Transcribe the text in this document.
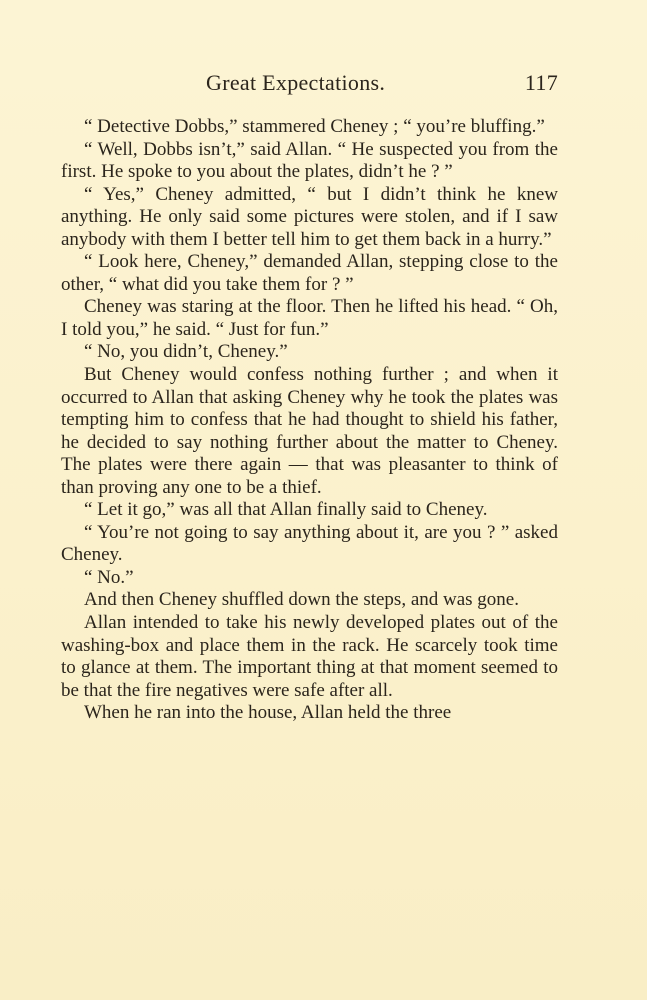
Great Expectations.	117

“ Detective Dobbs,” stammered Cheney ; “ you’re bluffing.”

“ Well, Dobbs isn’t,” said Allan. “ He suspected you from the first. He spoke to you about the plates, didn’t he ? ”

“ Yes,” Cheney admitted, “ but I didn’t think he knew anything. He only said some pictures were stolen, and if I saw anybody with them I better tell him to get them back in a hurry.”

“ Look here, Cheney,” demanded Allan, stepping close to the other, “ what did you take them for ? ”

Cheney was staring at the floor. Then he lifted his head. “ Oh, I told you,” he said. “ Just for fun.”

“ No, you didn’t, Cheney.”

But Cheney would confess nothing further ; and when it occurred to Allan that asking Cheney why he took the plates was tempting him to confess that he had thought to shield his father, he decided to say nothing further about the matter to Cheney. The plates were there again — that was pleasanter to think of than proving any one to be a thief.

“ Let it go,” was all that Allan finally said to Cheney.

“ You’re not going to say anything about it, are you ? ” asked Cheney.

“ No.”

And then Cheney shuffled down the steps, and was gone.

Allan intended to take his newly developed plates out of the washing-box and place them in the rack. He scarcely took time to glance at them. The important thing at that moment seemed to be that the fire negatives were safe after all.

When he ran into the house, Allan held the three
